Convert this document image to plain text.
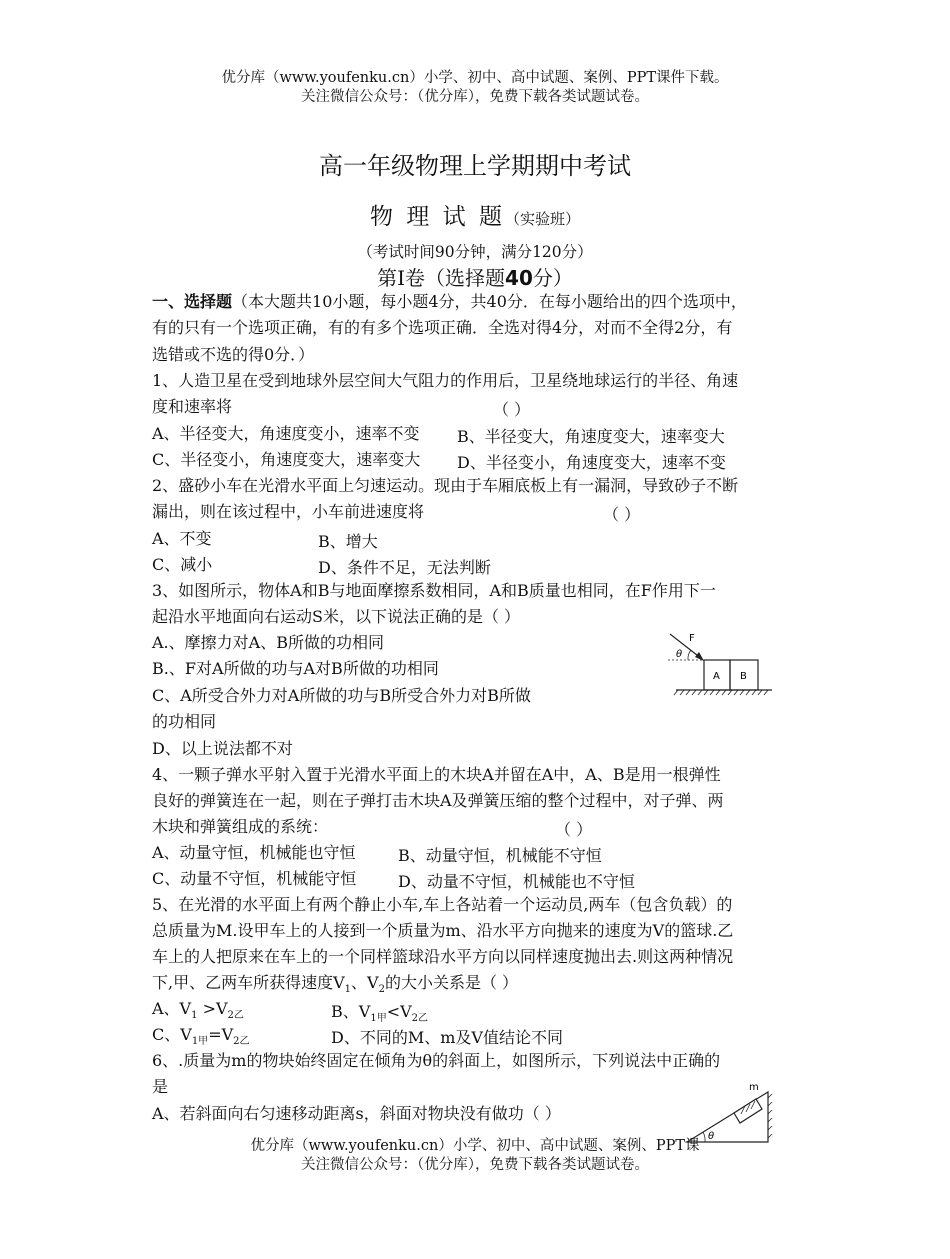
优分库（www.youfenku.cn）小学、初中、高中试题、案例、PPT课件下载。
关注微信公众号：（优分库），免费下载各类试题试卷。
高一年级物理上学期期中考试
物 理 试 题（实验班）
（考试时间90分钟，满分120分）
第Ⅰ卷（选择题40分）
一、选择题（本大题共10小题，每小题4分，共40分．在每小题给出的四个选项中，
有的只有一个选项正确，有的有多个选项正确．全选对得4分，对而不全得2分，有
选错或不选的得0分．）
1、人造卫星在受到地球外层空间大气阻力的作用后，卫星绕地球运行的半径、角速
度和速率将	（ ）
A、半径变大，角速度变小，速率不变 B、半径变大，角速度变大，速率变大
C、半径变小，角速度变大，速率变大 D、半径变小，角速度变大，速率不变
2、盛砂小车在光滑水平面上匀速运动。现由于车厢底板上有一漏洞，导致砂子不断
漏出，则在该过程中，小车前进速度将	（ ）
A、不变	B、增大
C、减小	D、条件不足，无法判断
3、如图所示，物体A和B与地面摩擦系数相同，A和B质量也相同，在F作用下一
起沿水平地面向右运动S米，以下说法正确的是（ ）
A.、摩擦力对A、B所做的功相同
B.、F对A所做的功与A对B所做的功相同
C、A所受合外力对A所做的功与B所受合外力对B所做
的功相同
D、以上说法都不对
A B
θ
F
4、一颗子弹水平射入置于光滑水平面上的木块A并留在A中，A、B是用一根弹性
良好的弹簧连在一起，则在子弹打击木块A及弹簧压缩的整个过程中，对子弹、两
木块和弹簧组成的系统：	（ ）
A、动量守恒，机械能也守恒	B、动量守恒，机械能不守恒
C、动量不守恒，机械能守恒	D、动量不守恒，机械能也不守恒
5、在光滑的水平面上有两个静止小车,车上各站着一个运动员,两车（包含负载）的
总质量为M.设甲车上的人接到一个质量为m、沿水平方向抛来的速度为V的篮球.乙
车上的人把原来在车上的一个同样篮球沿水平方向以同样速度抛出去.则这两种情况
下,甲、乙两车所获得速度$V_1$、$V_2$的大小关系是（ ）
A、$V_1 >V_{2乙}$	B、$V_{1甲}<V_{2乙}$
C、$V_{1甲}=V_{2乙}$	D、不同的M、m及V值结论不同
6、.质量为m的物块始终固定在倾角为θ的斜面上，如图所示，下列说法中正确的
是
A、若斜面向右匀速移动距离s，斜面对物块没有做功（ ）
θ
m
优分库（www.youfenku.cn）小学、初中、高中试题、案例、PPT课
关注微信公众号：（优分库），免费下载各类试题试卷。
